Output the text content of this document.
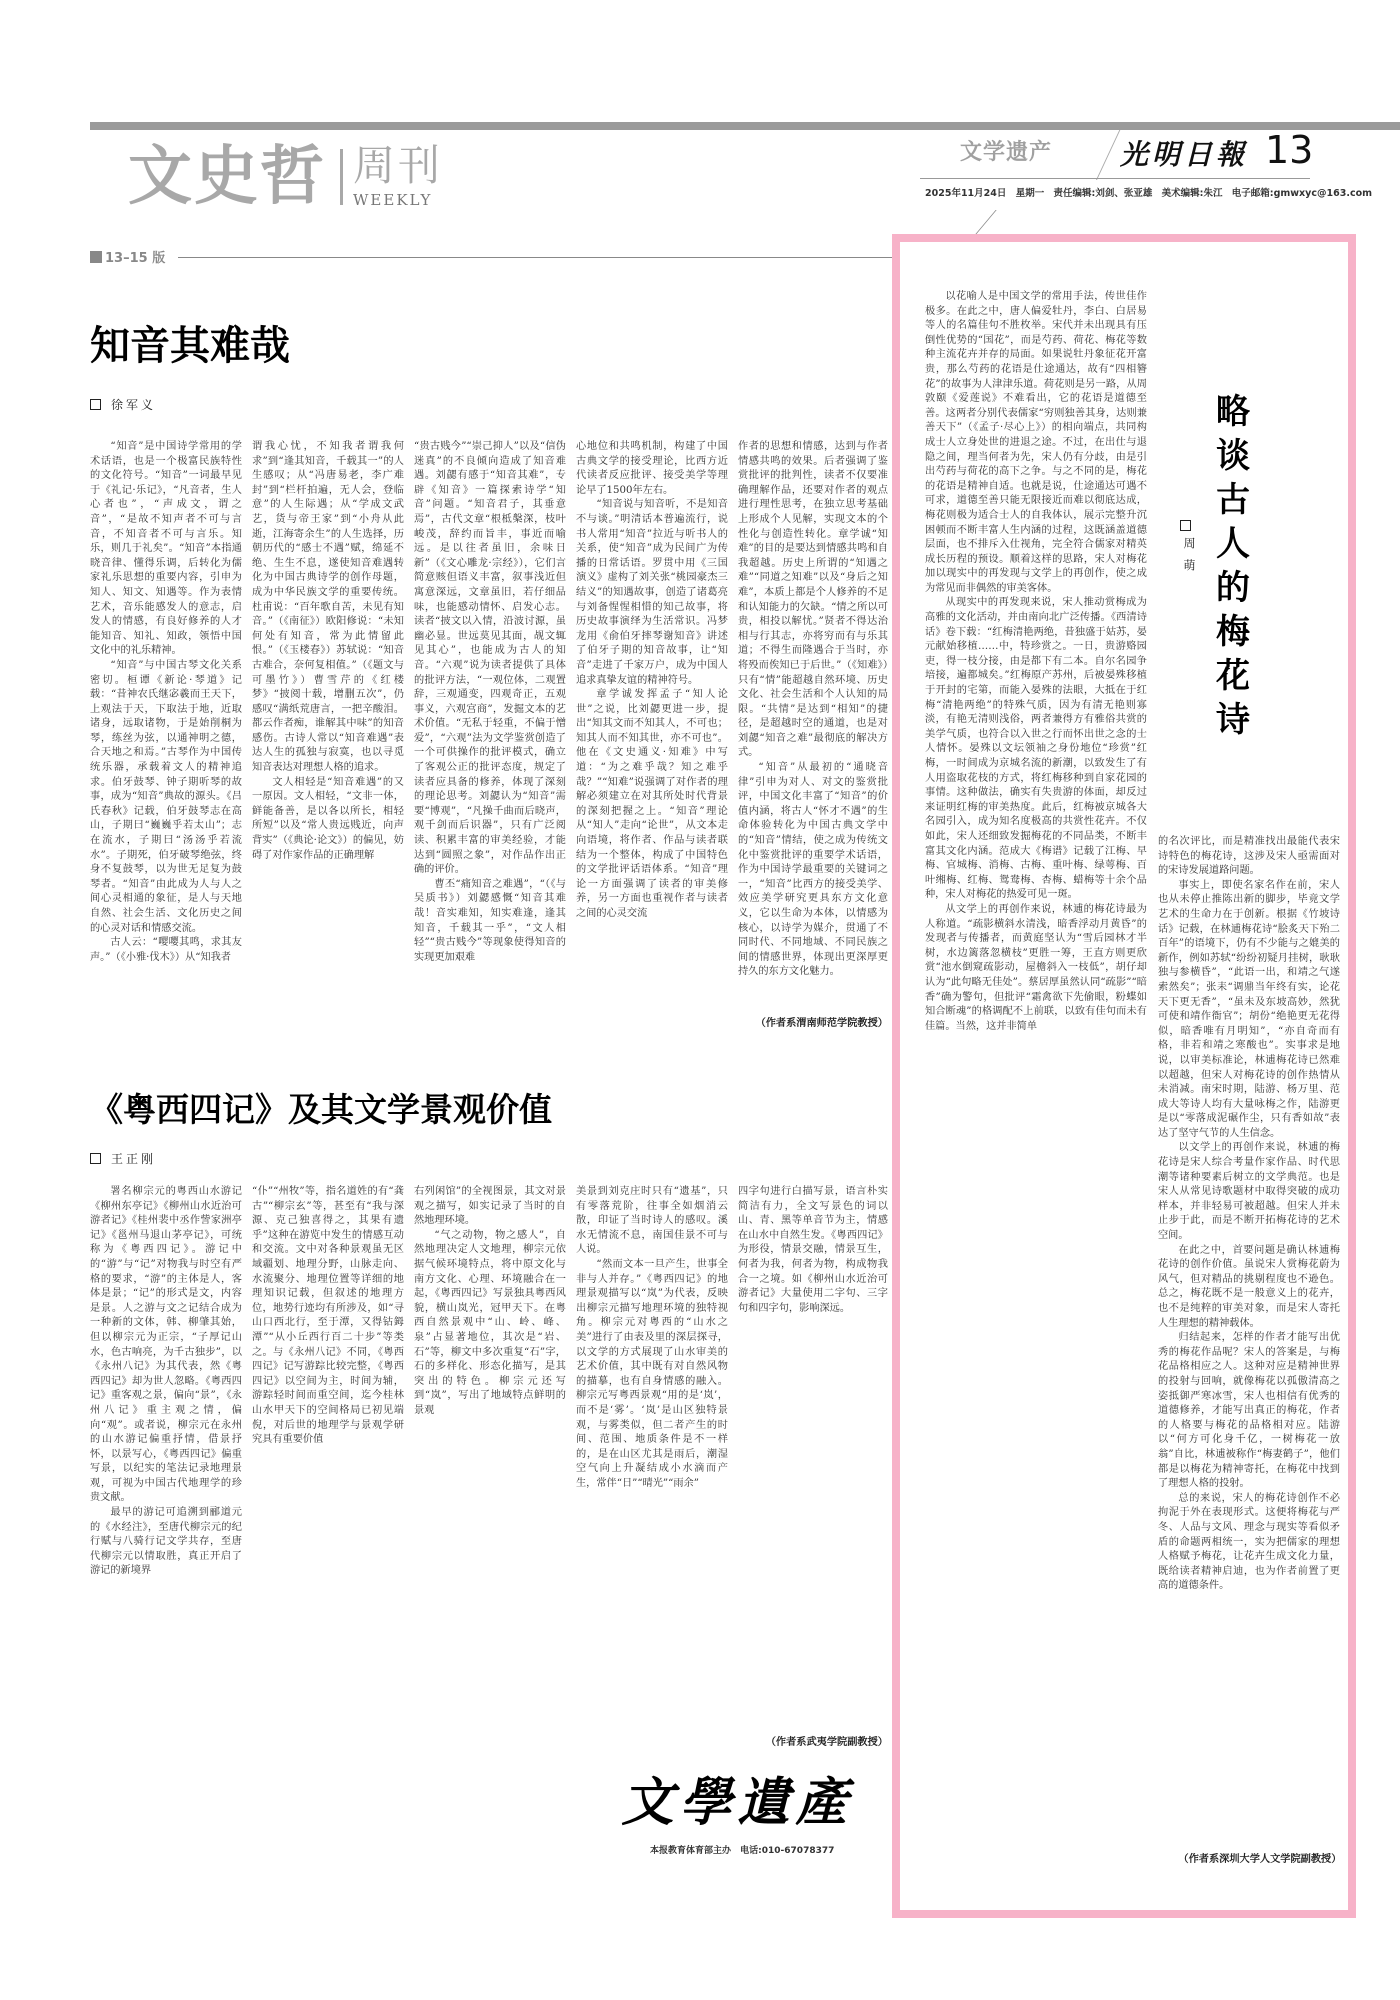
文史哲 周刊
WEEKLY
13–15 版
文学遗产 光明日報 13
2025年11月24日 星期一 责任编辑:刘剑、张亚雄 美术编辑:朱江 电子邮箱:gmwxyc@163.com
知音其难哉
徐军义

“知音”是中国诗学常用的学术话语，也是一个极富民族特性的文化符号。“知音”一词最早见于《礼记·乐记》，“凡音者，生人心者也”，“声成文，谓之音”，“是故不知声者不可与言音，不知音者不可与言乐。知乐，则几于礼矣”。“知音”本指通晓音律、懂得乐调，后转化为儒家礼乐思想的重要内容，引申为知人、知文、知遇等。作为表情艺术，音乐能感发人的意志，启发人的情感，有良好修养的人才能知音、知礼、知政，领悟中国文化中的礼乐精神。

“知音”与中国古琴文化关系密切。桓谭《新论·琴道》记载：“昔神农氏继宓羲而王天下，上观法于天，下取法于地，近取诸身，远取诸物，于是始削桐为琴，练丝为弦，以通神明之德，合天地之和焉。”古琴作为中国传统乐器，承载着文人的精神追求。伯牙鼓琴、钟子期听琴的故事，成为“知音”典故的源头。《吕氏春秋》记载，伯牙鼓琴志在高山，子期曰“巍巍乎若太山”；志在流水，子期曰“汤汤乎若流水”。子期死，伯牙破琴绝弦，终身不复鼓琴，以为世无足复为鼓琴者。“知音”由此成为人与人之间心灵相通的象征，是人与天地自然、社会生活、文化历史之间的心灵对话和情感交流。

古人云：“嘤嘤其鸣，求其友声。”（《小雅·伐木》）从“知我者

谓我心忧，不知我者谓我何求”到“逢其知音，千载其一”的人生感叹；从“冯唐易老，李广难封”到“栏杆拍遍，无人会，登临意”的人生际遇；从“学成文武艺，货与帝王家”到“小舟从此逝，江海寄余生”的人生选择，历朝历代的“感士不遇”赋，绵延不绝、生生不息，遂使知音难遇转化为中国古典诗学的创作母题，成为中华民族文学的重要传统。杜甫说：“百年歌自苦，未见有知音。”（《南征》）欧阳修说：“未知何处有知音，常为此情留此恨。”（《玉楼春》）苏轼说：“知音古难合，奈何复相值。”（《题文与可墨竹》）曹雪芹的《红楼梦》“披阅十载，增删五次”，仍感叹“满纸荒唐言，一把辛酸泪。都云作者痴，谁解其中味”的知音感伤。古诗人常以“知音难遇”表达人生的孤独与寂寞，也以寻觅知音表达对理想人格的追求。

文人相轻是“知音难遇”的又一原因。文人相轻，“文非一体，鲜能备善，是以各以所长，相轻所短”以及“常人贵远贱近，向声背实”（《典论·论文》）的偏见，妨碍了对作家作品的正确理解

“贵古贱今”“崇己抑人”以及“信伪迷真”的不良倾向造成了知音难遇。刘勰有感于“知音其难”，专辟《知音》一篇探索诗学“知音”问题。“知音君子，其垂意焉”，古代文章“根柢槃深，枝叶峻茂，辞约而旨丰，事近而喻远。是以往者虽旧，余味日新”（《文心雕龙·宗经》），它们言简意赅但语义丰富，叙事浅近但寓意深远，文章虽旧，若仔细品味，也能感动情怀、启发心志。读者“披文以入情，沿波讨源，虽幽必显。世远莫见其面，觇文辄见其心”，也能成为古人的知音。“六观”说为读者提供了具体的批评方法，“一观位体，二观置辞，三观通变，四观奇正，五观事义，六观宫商”，发掘文本的艺术价值。“无私于轻重，不偏于憎爱”，“六观”法为文学鉴赏创造了一个可供操作的批评模式，确立了客观公正的批评态度，规定了读者应具备的修养，体现了深刻的理论思考。刘勰认为“知音”需要“博观”，“凡操千曲而后晓声，观千剑而后识器”，只有广泛阅读、积累丰富的审美经验，才能达到“圆照之象”，对作品作出正确的评价。

曹丕“痛知音之难遇”，“（《与吴质书》）刘勰感慨“知音其难哉！音实难知，知实难逢，逢其知音，千载其一乎”，“文人相轻”“贵古贱今”等现象使得知音的实现更加艰难

心地位和共鸣机制，构建了中国古典文学的接受理论，比西方近代读者反应批评、接受美学等理论早了1500年左右。

“知音说与知音听，不是知音不与谈。”明清话本普遍流行，说书人常用“知音”拉近与听书人的关系，使“知音”成为民间广为传播的日常话语。罗贯中用《三国演义》虚构了刘关张“桃园豪杰三结义”的知遇故事，创造了诸葛亮与刘备惺惺相惜的知己故事，将历史故事演绎为生活常识。冯梦龙用《俞伯牙摔琴谢知音》讲述了伯牙子期的知音故事，让“知音”走进了千家万户，成为中国人追求真挚友谊的精神符号。

章学诚发挥孟子“知人论世”之说，比刘勰更进一步，提出“知其文而不知其人，不可也；知其人而不知其世，亦不可也”。他在《文史通义·知难》中写道：“为之难乎哉？知之难乎哉？”“知难”说强调了对作者的理解必须建立在对其所处时代背景的深刻把握之上。“知音”理论从“知人”走向“论世”，从文本走向语境，将作者、作品与读者联结为一个整体，构成了中国特色的文学批评话语体系。“知音”理论一方面强调了读者的审美修养，另一方面也重视作者与读者之间的心灵交流

作者的思想和情感，达到与作者情感共鸣的效果。后者强调了鉴赏批评的批判性，读者不仅要准确理解作品，还要对作者的观点进行理性思考，在独立思考基础上形成个人见解，实现文本的个性化与创造性转化。章学诚“知难”的目的是要达到情感共鸣和自我超越。历史上所谓的“知遇之难”“同道之知难”以及“身后之知难”，本质上都是个人修养的不足和认知能力的欠缺。“情之所以可贵，相投以解忧。”贤者不得达治相与行其志，亦将穷而有与乐其道；不得生而隆遇合于当时，亦将殁而俟知已于后世。”（《知难》）只有“情”能超越自然环境、历史文化、社会生活和个人认知的局限。“共情”是达到“相知”的捷径，是超越时空的通道，也是对刘勰“知音之难”最彻底的解决方式。

“知音”从最初的“通晓音律”引申为对人、对文的鉴赏批评，中国文化丰富了“知音”的价值内涵，将古人“怀才不遇”的生命体验转化为中国古典文学中的“知音”情结，使之成为传统文化中鉴赏批评的重要学术话语，作为中国诗学最重要的关键词之一，“知音”比西方的接受美学、效应美学研究更具东方文化意义，它以生命为本体，以情感为核心，以诗学为媒介，贯通了不同时代、不同地域、不同民族之间的情感世界，体现出更深厚更持久的东方文化魅力。

（作者系渭南师范学院教授）
《粤西四记》及其文学景观价值
王正刚

署名柳宗元的粤西山水游记《柳州东亭记》《柳州山水近治可游者记》《桂州裴中丞作訾家洲亭记》《邕州马退山茅亭记》，可统称为《粤西四记》。游记中的“游”与“记”对物我与时空有严格的要求，“游”的主体是人，客体是景；“记”的形式是文，内容是景。人之游与文之记结合成为一种新的文体，韩、柳肇其始，但以柳宗元为正宗，“子厚记山水，色古响亮，为千古独步”，以《永州八记》为其代表，然《粤西四记》却为世人忽略。《粤西四记》重客观之景，偏向“景”，《永州八记》重主观之情，偏向“观”。或者说，柳宗元在永州的山水游记偏重抒情，借景抒怀，以景写心，《粤西四记》偏重写景，以纪实的笔法记录地理景观，可视为中国古代地理学的珍贵文献。

最早的游记可追溯到郦道元的《水经注》，至唐代柳宗元的纪行赋与八骑行记文学共存，至唐代柳宗元以情取胜，真正开启了游记的新境界

“仆”“州牧”等，指名道姓的有“龚古”“柳宗玄”等，甚至有“我与深源、克己独喜得之，其果有遗乎”这种在游览中发生的情感互动和交流。文中对各种景观虽无区域疆划、地理分野，山脉走向、水流聚分、地理位置等详细的地理知识记载，但叙述的地理方位，地势行迹均有所涉及，如“寻山口西北行，至于潭，又得钴鉧潭”“从小丘西行百二十步”等类之。与《永州八记》不同，《粤西四记》记写游踪比较完整，《粤西四记》以空间为主，时间为辅，游踪轻时间而重空间，迄今桂林山水甲天下的空间格局已初见端倪，对后世的地理学与景观学研究具有重要价值

右列闲馆”的全视图景，其文对景观之描写，如实记录了当时的自然地理环境。

“气之动物，物之感人”，自然地理决定人文地理，柳宗元依据气候环境特点，将中原文化与南方文化、心理、环境融合在一起，《粤西四记》写景独具粤西风貌，横山岚光，冠甲天下。在粤西自然景观中“山、岭、峰、泉”占显著地位，其次是“岩、石”等，柳文中多次重复“石”字，石的多样化、形态化描写，是其突出的特色。柳宗元还写到“岚”，写出了地域特点鲜明的景观

美景到刘克庄时只有“遗基”，只有零落荒阶，往事全如烟消云散，印证了当时诗人的感叹。溪水无情流不息，南国佳景不可与人说。

“然而文本一旦产生，世事全非与人并存。”《粤西四记》的地理景观描写以“岚”为代表，反映出柳宗元描写地理环境的独特视角。柳宗元对粤西的“山水之美”进行了由表及里的深层探寻，以文学的方式展现了山水审美的艺术价值，其中既有对自然风物的描摹，也有自身情感的融入。柳宗元写粤西景观“用的是‘岚’，而不是‘雾’。‘岚’是山区独特景观，与雾类似，但二者产生的时间、范围、地质条件是不一样的，是在山区尤其是雨后，潮湿空气向上升凝结成小水滴而产生，常伴“日”“晴光”“雨余”

四字句进行白描写景，语言朴实简洁有力，全文写景色的词以山、青、黑等单音节为主，情感在山水中自然生发。《粤西四记》为形役，情景交融，情景互生，何者为我，何者为物，构成物我合一之境。如《柳州山水近治可游者记》大量使用二字句、三字句和四字句，影响深远。

（作者系武夷学院副教授）
文學遺產
本报教育体育部主办 电话:010-67078377
略
谈
古
人
的
梅
花
诗
周萌

以花喻人是中国文学的常用手法，传世佳作极多。在此之中，唐人偏爱牡丹，李白、白居易等人的名篇佳句不胜枚举。宋代并未出现具有压倒性优势的“国花”，而是芍药、荷花、梅花等数种主流花卉并存的局面。如果说牡丹象征花开富贵，那么芍药的花语是仕途通达，故有“四相簪花”的故事为人津津乐道。荷花则是另一路，从周敦颐《爱莲说》不难看出，它的花语是道德至善。这两者分别代表儒家“穷则独善其身，达则兼善天下”（《孟子·尽心上》）的相向端点，共同构成士人立身处世的进退之途。不过，在出仕与退隐之间，理当何者为先，宋人仍有分歧，由是引出芍药与荷花的高下之争。与之不同的是，梅花的花语是精神自适。也就是说，仕途通达可遇不可求，道德至善只能无限接近而难以彻底达成，梅花则极为适合士人的自我体认，展示完整升沉困顿而不断丰富人生内涵的过程，这既涵盖道德层面，也不排斥入仕视角，完全符合儒家对精英成长历程的预设。顺着这样的思路，宋人对梅花加以现实中的再发现与文学上的再创作，使之成为常见而非偶然的审美客体。

从现实中的再发现来说，宋人推动赏梅成为高雅的文化活动，并由南向北广泛传播。《西清诗话》卷下载：“红梅清艳两绝，昔独盛于姑苏，晏元献始移植……中，特珍赏之。一日，贵游赂园吏，得一枝分接，由是都下有二本。自尔名园争培接，遍都城矣。”红梅原产苏州，后被晏殊移植于开封的宅第，而能入晏殊的法眼，大抵在于红梅“清艳两绝”的特殊气质，因为有清无艳则寡淡，有艳无清则浅俗，两者兼得方有雅俗共赏的美学气质，也符合以入世之行而怀出世之念的士人情怀。晏殊以文坛领袖之身份地位“珍赏”红梅，一时间成为京城名流的新潮，以致发生了有人用盗取花枝的方式，将红梅移种到自家花园的事情。这种做法，确实有失贵游的体面，却反过来证明红梅的审美热度。此后，红梅被京城各大名园引入，成为知名度极高的共赏性花卉。不仅如此，宋人还细致发掘梅花的不同品类，不断丰富其文化内涵。范成大《梅谱》记载了江梅、早梅、官城梅、消梅、古梅、重叶梅、绿萼梅、百叶缃梅、红梅、鸳鸯梅、杏梅、蜡梅等十余个品种，宋人对梅花的热爱可见一斑。

从文学上的再创作来说，林逋的梅花诗最为人称道。“疏影横斜水清浅，暗香浮动月黄昏”的发现者与传播者，而黄庭坚认为“雪后园林才半树，水边篱落忽横枝”更胜一筹，王直方则更欣赏“池水倒窥疏影动，屋檐斜入一枝低”，胡仔却认为“此句略无佳处”。蔡居厚虽然认同“疏影”“暗香”确为警句，但批评“霜禽欲下先偷眼，粉蝶如知合断魂”的格调配不上前联，以致有佳句而未有佳篇。当然，这并非简单

的名次评比，而是精准找出最能代表宋诗特色的梅花诗，这涉及宋人亟需面对的宋诗发展道路问题。

事实上，即使名家名作在前，宋人也从未停止推陈出新的脚步，毕竟文学艺术的生命力在于创新。根据《竹坡诗话》记载，在林逋梅花诗“脍炙天下殆二百年”的语境下，仍有不少能与之媲美的新作，例如苏轼“纷纷初疑月挂树，耿耿独与参横昏”，“此语一出，和靖之气遂索然矣”；张耒“调鼎当年终有实，论花天下更无香”，“虽未及东坡高妙，然犹可使和靖作衙官”；胡份“绝艳更无花得似，暗香唯有月明知”，“亦自奇而有格，非若和靖之寒酸也”。实事求是地说，以审美标准论，林逋梅花诗已然难以超越，但宋人对梅花诗的创作热情从未消减。南宋时期，陆游、杨万里、范成大等诗人均有大量咏梅之作，陆游更是以“零落成泥碾作尘，只有香如故”表达了坚守气节的人生信念。

以文学上的再创作来说，林逋的梅花诗是宋人综合考量作家作品、时代思潮等诸种要素后树立的文学典范。也是宋人从常见诗歌题材中取得突破的成功样本，并非轻易可被超越。但宋人并未止步于此，而是不断开拓梅花诗的艺术空间。

在此之中，首要问题是确认林逋梅花诗的创作价值。虽说宋人赏梅花蔚为风气，但对精品的挑剔程度也不逊色。总之，梅花既不是一般意义上的花卉，也不是纯粹的审美对象，而是宋人寄托人生理想的精神载体。

归结起来，怎样的作者才能写出优秀的梅花作品呢？宋人的答案是，与梅花品格相应之人。这种对应是精神世界的投射与回响，就像梅花以孤傲清高之姿抵御严寒冰雪，宋人也相信有优秀的道德修养，才能写出真正的梅花，作者的人格要与梅花的品格相对应。陆游以“何方可化身千亿，一树梅花一放翁”自比，林逋被称作“梅妻鹤子”，他们都是以梅花为精神寄托，在梅花中找到了理想人格的投射。

总的来说，宋人的梅花诗创作不必拘泥于外在表现形式。这便将梅花与严冬、人品与文风、理念与现实等看似矛盾的命题两相统一，实为把儒家的理想人格赋予梅花，让花卉生成文化力量，既给读者精神启迪，也为作者前置了更高的道德条件。

（作者系深圳大学人文学院副教授）
